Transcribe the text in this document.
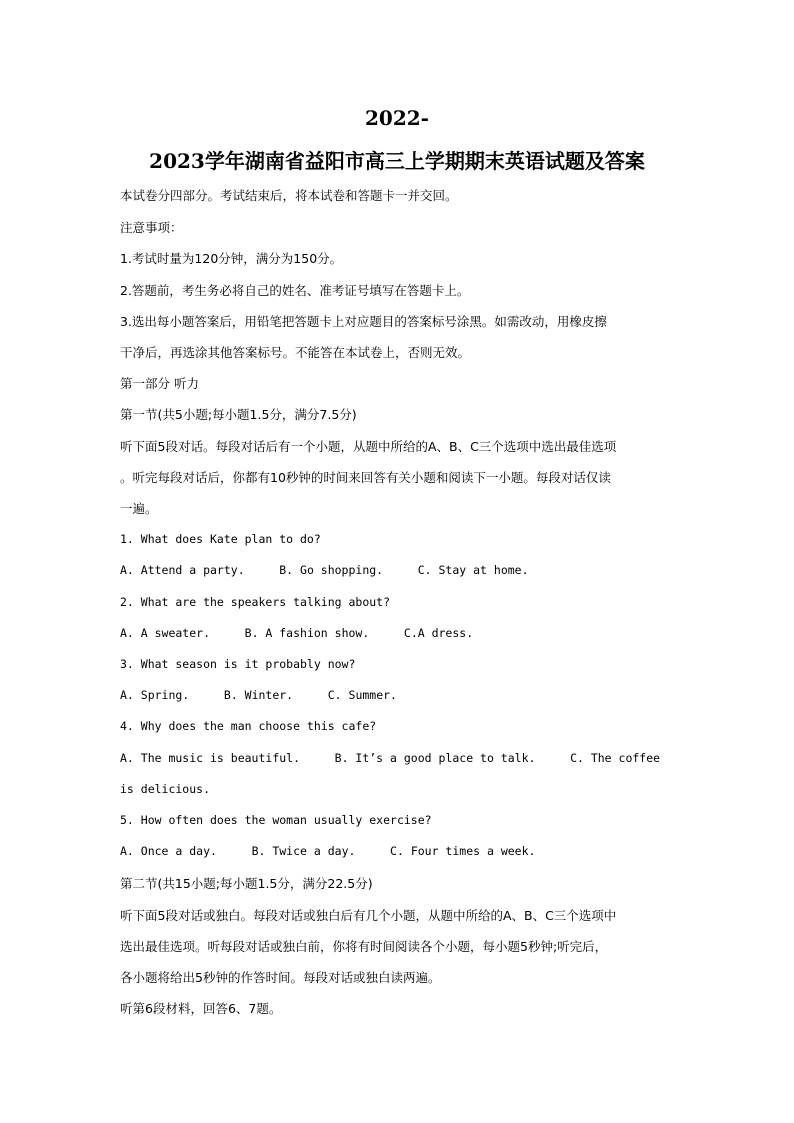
2022-
2023学年湖南省益阳市高三上学期期末英语试题及答案
本试卷分四部分。考试结束后，将本试卷和答题卡一并交回。
注意事项：
1.考试时量为120分钟，满分为150分。
2.答题前，考生务必将自己的姓名、准考证号填写在答题卡上。
3.选出每小题答案后，用铅笔把答题卡上对应题目的答案标号涂黑。如需改动，用橡皮擦
干净后，再选涂其他答案标号。不能答在本试卷上，否则无效。
第一部分 听力
第一节(共5小题;每小题1.5分，满分7.5分)
听下面5段对话。每段对话后有一个小题，从题中所给的A、B、C三个选项中选出最佳选项
。听完每段对话后，你都有10秒钟的时间来回答有关小题和阅读下一小题。每段对话仅读
一遍。
1. What does Kate plan to do?
A. Attend a party.	B. Go shopping.	C. Stay at home.
2. What are the speakers talking about?
A. A sweater.	B. A fashion show.	C.A dress.
3. What season is it probably now?
A. Spring.	B. Winter.	C. Summer.
4. Why does the man choose this cafe?
A. The music is beautiful.	B. It’s a good place to talk.	C. The coffee
is delicious.
5. How often does the woman usually exercise?
A. Once a day.	B. Twice a day.	C. Four times a week.
第二节(共15小题;每小题1.5分，满分22.5分)
听下面5段对话或独白。每段对话或独白后有几个小题，从题中所给的A、B、C三个选项中
选出最佳选项。听每段对话或独白前，你将有时间阅读各个小题，每小题5秒钟;听完后，
各小题将给出5秒钟的作答时间。每段对话或独白读两遍。
听第6段材料，回答6、7题。
